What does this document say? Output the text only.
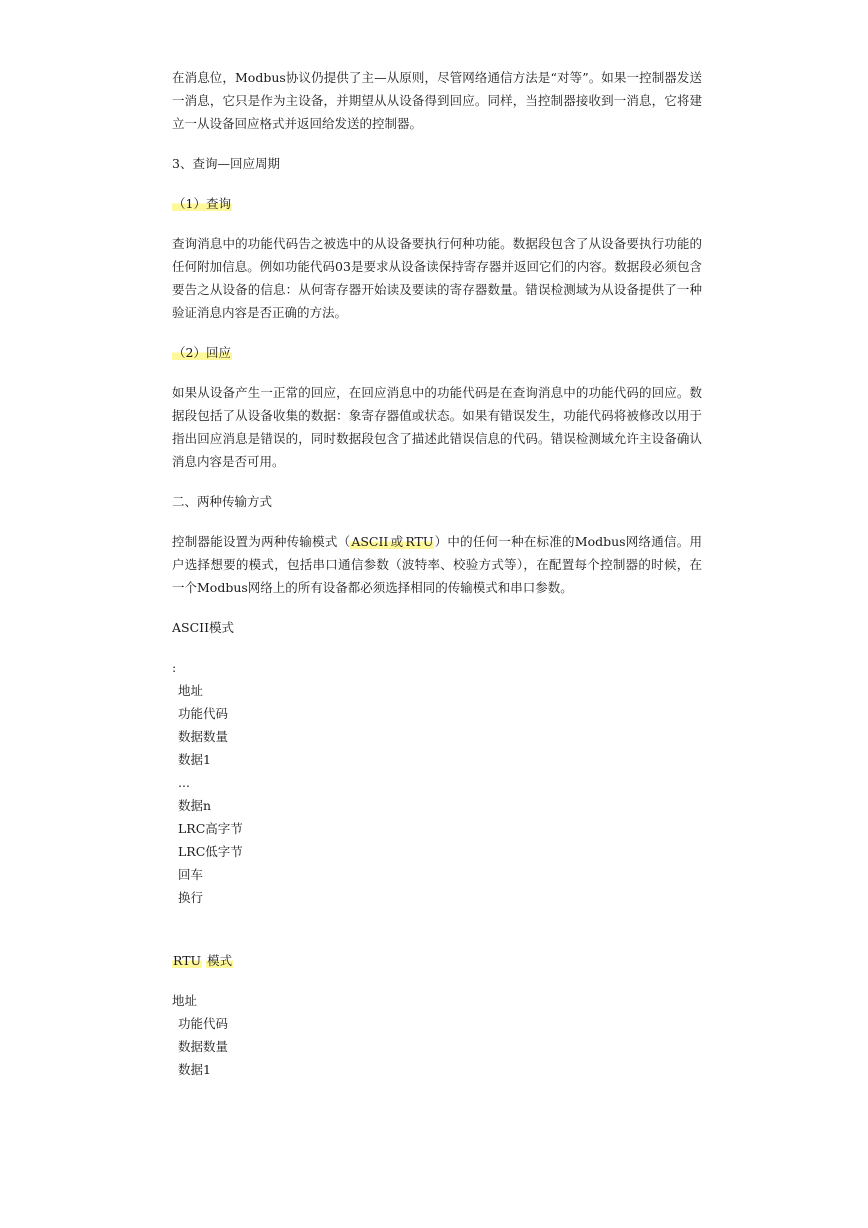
在消息位，Modbus协议仍提供了主—从原则，尽管网络通信方法是“对等”。如果一控制器发送一消息，它只是作为主设备，并期望从从设备得到回应。同样，当控制器接收到一消息，它将建立一从设备回应格式并返回给发送的控制器。

3、查询—回应周期

（1）查询

查询消息中的功能代码告之被选中的从设备要执行何种功能。数据段包含了从设备要执行功能的任何附加信息。例如功能代码03是要求从设备读保持寄存器并返回它们的内容。数据段必须包含要告之从设备的信息：从何寄存器开始读及要读的寄存器数量。错误检测域为从设备提供了一种验证消息内容是否正确的方法。

（2）回应

如果从设备产生一正常的回应，在回应消息中的功能代码是在查询消息中的功能代码的回应。数据段包括了从设备收集的数据：象寄存器值或状态。如果有错误发生，功能代码将被修改以用于指出回应消息是错误的，同时数据段包含了描述此错误信息的代码。错误检测域允许主设备确认消息内容是否可用。

二、两种传输方式

控制器能设置为两种传输模式（ASCII 或 RTU）中的任何一种在标准的Modbus网络通信。用户选择想要的模式，包括串口通信参数（波特率、校验方式等），在配置每个控制器的时候，在一个Modbus网络上的所有设备都必须选择相同的传输模式和串口参数。

ASCII模式

:

地址

功能代码

数据数量

数据1

...

数据n

LRC高字节

LRC低字节

回车

换行

RTU 模式

地址

功能代码

数据数量

数据1
